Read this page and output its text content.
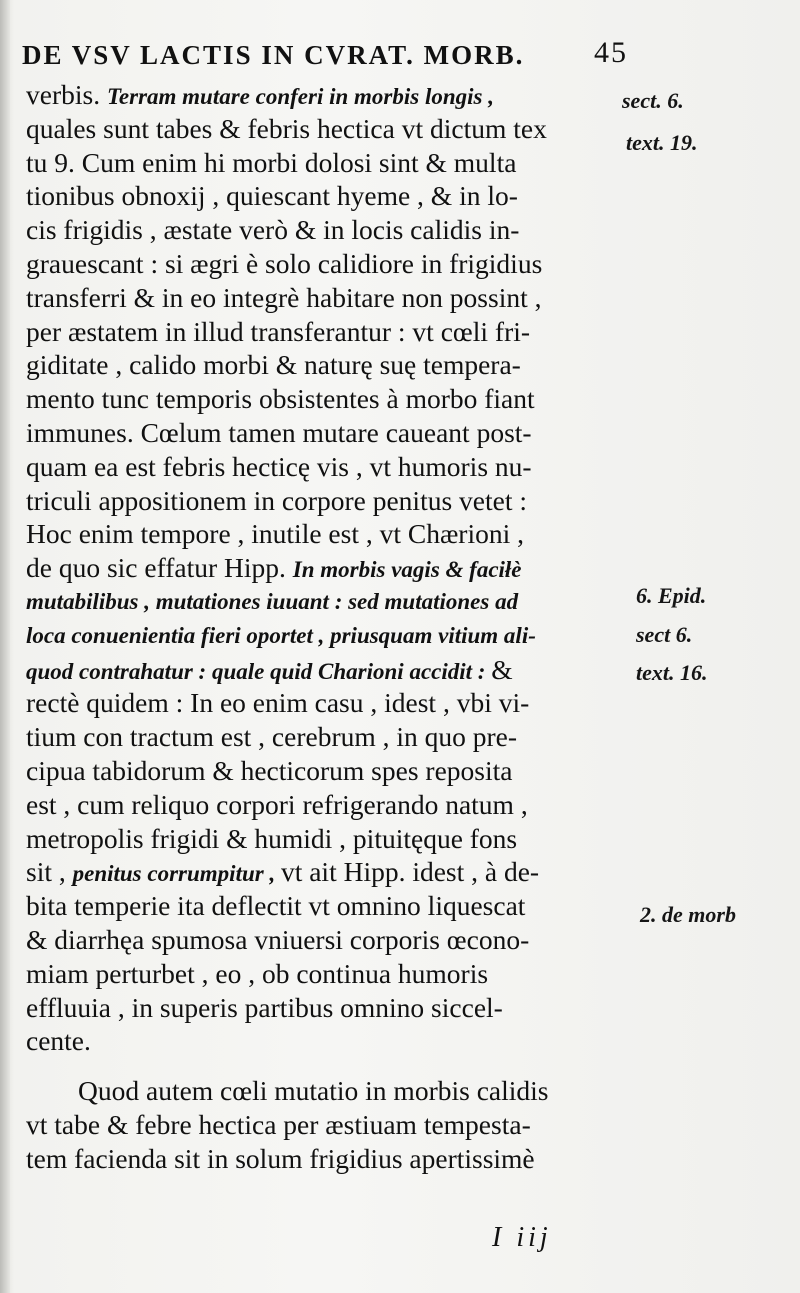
DE VSV LACTIS IN CVRAT. MORB. 45
verbis. Terram mutare conferi in morbis longis ,
quales sunt tabes & febris hectica vt dictum tex
tu 9. Cum enim hi morbi dolosi sint & multa
tionibus obnoxij , quiescant hyeme , & in lo-
cis frigidis , æstate verò & in locis calidis in-
grauescant : si ægri è solo calidiore in frigidius
transferri & in eo integrè habitare non possint ,
per æstatem in illud transferantur : vt cœli fri-
giditate , calido morbi & naturę suę tempera-
mento tunc temporis obsistentes à morbo fiant
immunes. Cœlum tamen mutare caueant post-
quam ea est febris hecticę vis , vt humoris nu-
triculi appositionem in corpore penitus vetet :
Hoc enim tempore , inutile est , vt Chærioni ,
de quo sic effatur Hipp. In morbis vagis & faciłè
mutabilibus , mutationes iuuant : sed mutationes ad
loca conuenientia fieri oportet , priusquam vitium ali-
quod contrahatur : quale quid Charioni accidit : &
rectè quidem : In eo enim casu , idest , vbi vi-
tium con tractum est , cerebrum , in quo pre-
cipua tabidorum & hecticorum spes reposita
est , cum reliquo corpori refrigerando natum ,
metropolis frigidi & humidi , pituitęque fons
sit , penitus corrumpitur , vt ait Hipp. idest , à de-
bita temperie ita deflectit vt omnino liquescat
& diarrhęa spumosa vniuersi corporis œcono-
miam perturbet , eo , ob continua humoris
effluuia , in superis partibus omnino siccel-
cente.
Quod autem cœli mutatio in morbis calidis
vt tabe & febre hectica per æstiuam tempesta-
tem facienda sit in solum frigidius apertissimè
sect. 6.
text. 19.
6. Epid.
sect 6.
text. 16.
2. de morb
I iij
